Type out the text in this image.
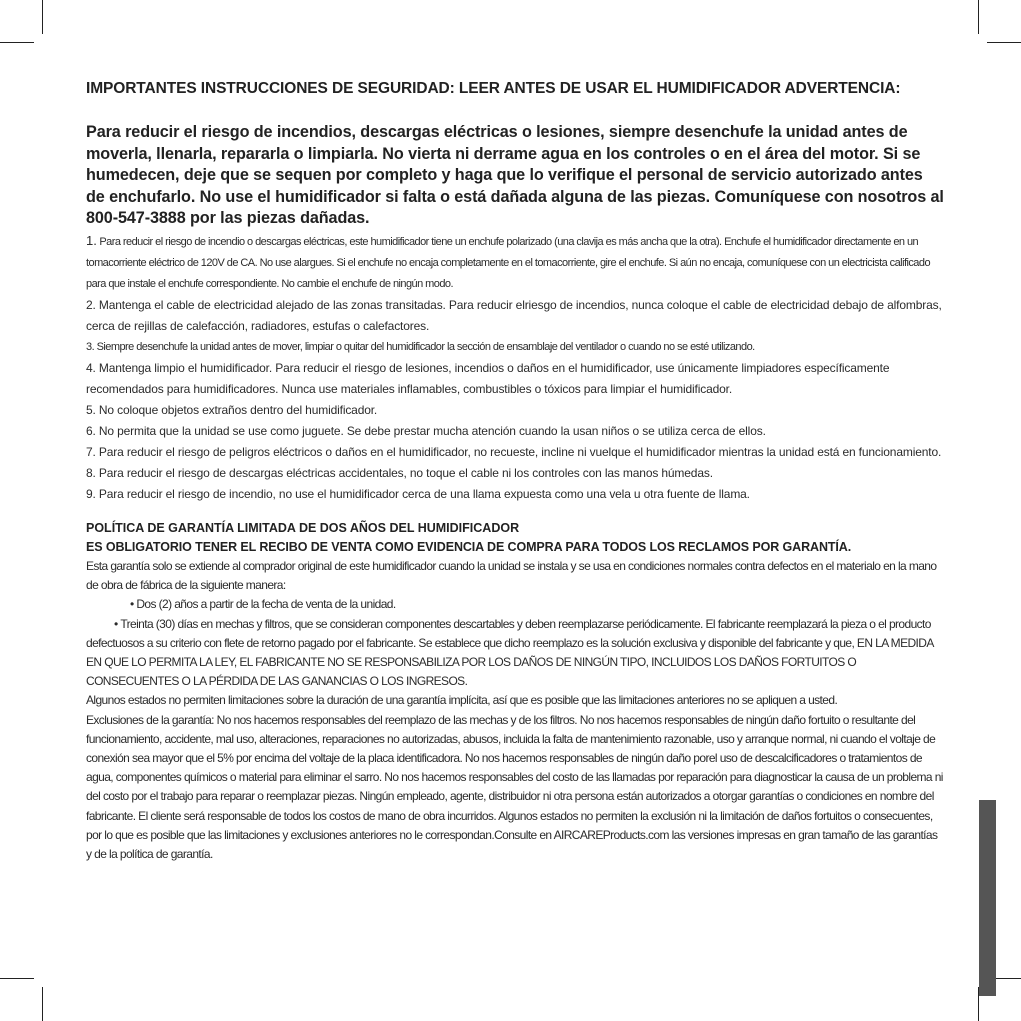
IMPORTANTES INSTRUCCIONES DE SEGURIDAD: LEER ANTES DE USAR EL HUMIDIFICADOR ADVERTENCIA:

Para reducir el riesgo de incendios, descargas eléctricas o lesiones, siempre desenchufe la unidad antes de moverla, llenarla, repararla o limpiarla. No vierta ni derrame agua en los controles o en el área del motor. Si se humedecen, deje que se sequen por completo y haga que lo verifique el personal de servicio autorizado antes de enchufarlo. No use el humidificador si falta o está dañada alguna de las piezas. Comuníquese con nosotros al 800-547-3888 por las piezas dañadas.

1. Para reducir el riesgo de incendio o descargas eléctricas, este humidificador tiene un enchufe polarizado (una clavija es más ancha que la otra). Enchufe el humidificador directamente en un tomacorriente eléctrico de 120V de CA. No use alargues. Si el enchufe no encaja completamente en el tomacorriente, gire el enchufe. Si aún no encaja, comuníquese con un electricista calificado para que instale el enchufe correspondiente. No cambie el enchufe de ningún modo.

2. Mantenga el cable de electricidad alejado de las zonas transitadas. Para reducir elriesgo de incendios, nunca coloque el cable de electricidad debajo de alfombras, cerca de rejillas de calefacción, radiadores, estufas o calefactores.

3. Siempre desenchufe la unidad antes de mover, limpiar o quitar del humidificador la sección de ensamblaje del ventilador o cuando no se esté utilizando.

4. Mantenga limpio el humidificador. Para reducir el riesgo de lesiones, incendios o daños en el humidificador, use únicamente limpiadores específicamente recomendados para humidificadores. Nunca use materiales inflamables, combustibles o tóxicos para limpiar el humidificador.

5. No coloque objetos extraños dentro del humidificador.

6. No permita que la unidad se use como juguete. Se debe prestar mucha atención cuando la usan niños o se utiliza cerca de ellos.

7. Para reducir el riesgo de peligros eléctricos o daños en el humidificador, no recueste, incline ni vuelque el humidificador mientras la unidad está en funcionamiento.

8. Para reducir el riesgo de descargas eléctricas accidentales, no toque el cable ni los controles con las manos húmedas.

9. Para reducir el riesgo de incendio, no use el humidificador cerca de una llama expuesta como una vela u otra fuente de llama.

POLÍTICA DE GARANTÍA LIMITADA DE DOS AÑOS DEL HUMIDIFICADOR
ES OBLIGATORIO TENER EL RECIBO DE VENTA COMO EVIDENCIA DE COMPRA PARA TODOS LOS RECLAMOS POR GARANTÍA.

Esta garantía solo se extiende al comprador original de este humidificador cuando la unidad se instala y se usa en condiciones normales contra defectos en el materialo en la mano de obra de fábrica de la siguiente manera:

• Dos (2) años a partir de la fecha de venta de la unidad.

• Treinta (30) días en mechas y filtros, que se consideran componentes descartables y deben reemplazarse periódicamente. El fabricante reemplazará la pieza o el producto defectuosos a su criterio con flete de retorno pagado por el fabricante. Se establece que dicho reemplazo es la solución exclusiva y disponible del fabricante y que, EN LA MEDIDA EN QUE LO PERMITA LA LEY, EL FABRICANTE NO SE RESPONSABILIZA POR LOS DAÑOS DE NINGÚN TIPO, INCLUIDOS LOS DAÑOS FORTUITOS O CONSECUENTES O LA PÉRDIDA DE LAS GANANCIAS O LOS INGRESOS.

Algunos estados no permiten limitaciones sobre la duración de una garantía implícita, así que es posible que las limitaciones anteriores no se apliquen a usted.

Exclusiones de la garantía: No nos hacemos responsables del reemplazo de las mechas y de los filtros. No nos hacemos responsables de ningún daño fortuito o resultante del funcionamiento, accidente, mal uso, alteraciones, reparaciones no autorizadas, abusos, incluida la falta de mantenimiento razonable, uso y arranque normal, ni cuando el voltaje de conexión sea mayor que el 5% por encima del voltaje de la placa identificadora. No nos hacemos responsables de ningún daño porel uso de descalcificadores o tratamientos de agua, componentes químicos o material para eliminar el sarro. No nos hacemos responsables del costo de las llamadas por reparación para diagnosticar la causa de un problema ni del costo por el trabajo para reparar o reemplazar piezas. Ningún empleado, agente, distribuidor ni otra persona están autorizados a otorgar garantías o condiciones en nombre del fabricante. El cliente será responsable de todos los costos de mano de obra incurridos. Algunos estados no permiten la exclusión ni la limitación de daños fortuitos o consecuentes, por lo que es posible que las limitaciones y exclusiones anteriores no le correspondan.Consulte en AIRCAREProducts.com las versiones impresas en gran tamaño de las garantías y de la política de garantía.
